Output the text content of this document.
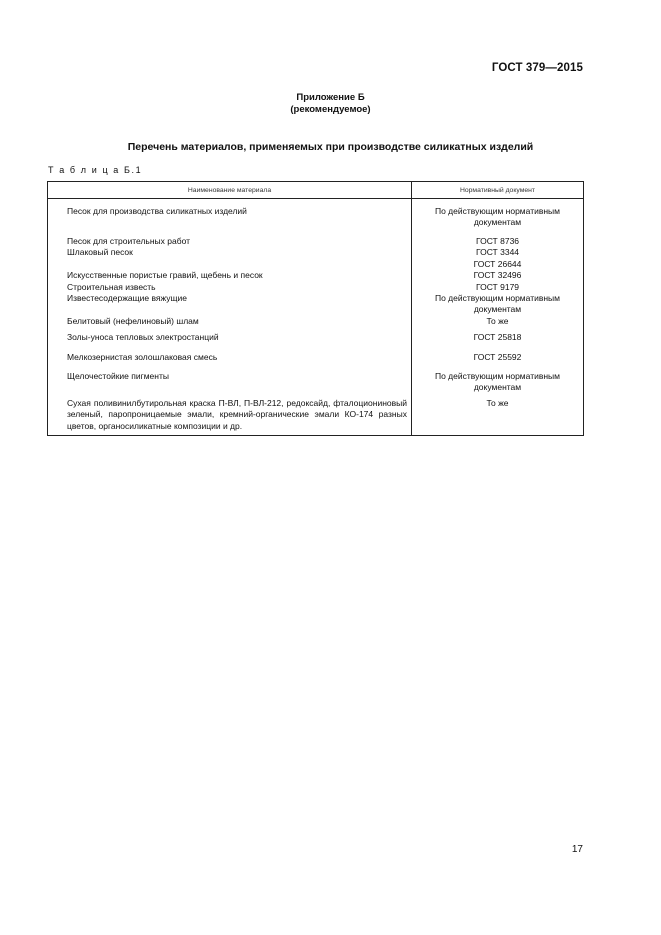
ГОСТ 379—2015
Приложение Б
(рекомендуемое)
Перечень материалов, применяемых при производстве силикатных изделий
Т а б л и ц а Б.1
Наименование материала	Нормативный документ
Песок для производства силикатных изделий	По действующим нормативным документам
Песок для строительных работ	ГОСТ 8736
Шлаковый песок	ГОСТ 3344
	ГОСТ 26644
Искусственные пористые гравий, щебень и песок	ГОСТ 32496
Строительная известь	ГОСТ 9179
Известесодержащие вяжущие	По действующим нормативным документам
Белитовый (нефелиновый) шлам	То же
Золы-уноса тепловых электростанций	ГОСТ 25818
Мелкозернистая золошлаковая смесь	ГОСТ 25592
Щелочестойкие пигменты	По действующим нормативным документам
Сухая поливинилбутирольная краска П-ВЛ, П-ВЛ-212, редоксайд, фталоциониновый зеленый, паропроницаемые эмали, кремний-органические эмали КО-174 разных цветов, органосиликатные композиции и др.	То же
17
